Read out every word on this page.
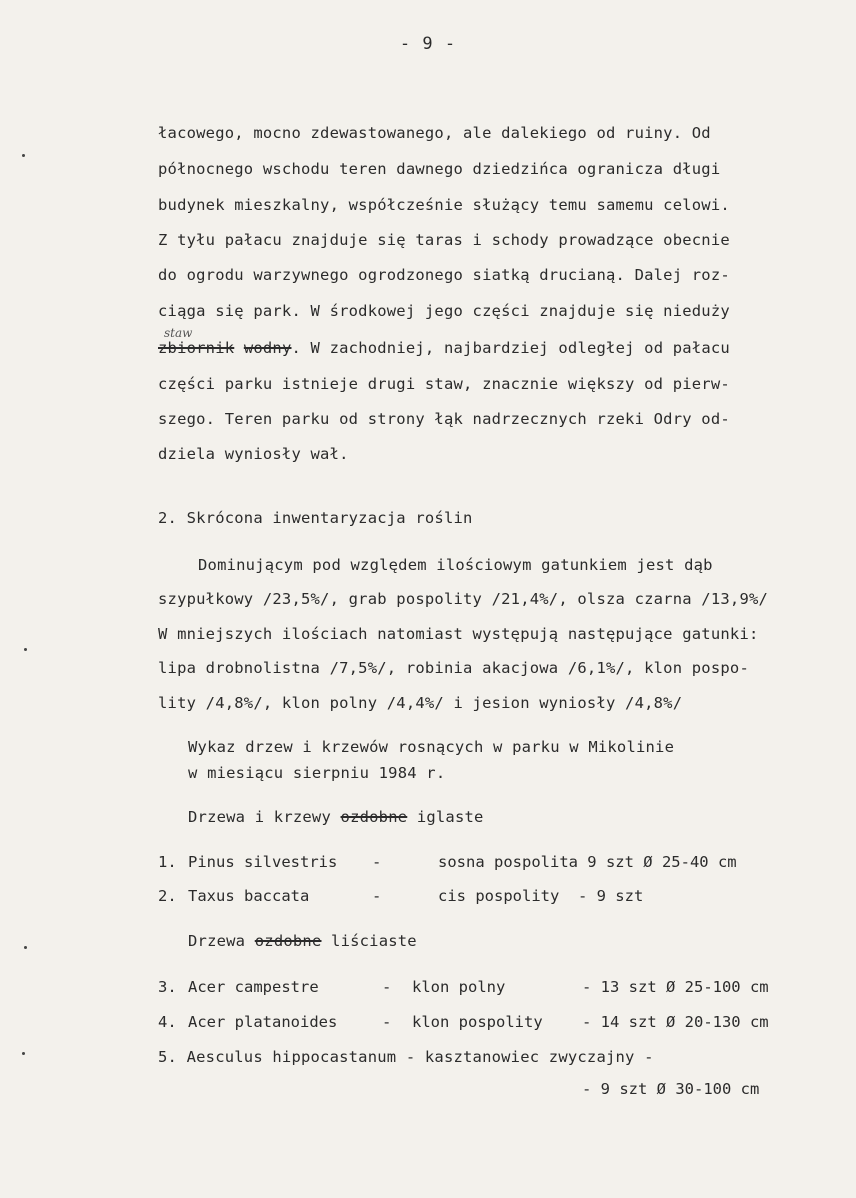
- 9 -
łacowego, mocno zdewastowanego, ale dalekiego od ruiny. Od
północnego wschodu teren dawnego dziedzińca ogranicza długi
budynek mieszkalny, współcześnie służący temu samemu celowi.
Z tyłu pałacu znajduje się taras i schody prowadzące obecnie
do ogrodu warzywnego ogrodzonego siatką drucianą. Dalej roz-
ciąga się park. W środkowej jego części znajduje się nieduży
staw
zbiornik wodny. W zachodniej, najbardziej odległej od pałacu
części parku istnieje drugi staw, znacznie większy od pierw-
szego. Teren parku od strony łąk nadrzecznych rzeki Odry od-
dziela wyniosły wał.
2. Skrócona inwentaryzacja roślin
Dominującym pod względem ilościowym gatunkiem jest dąb
szypułkowy /23,5%/, grab pospolity /21,4%/, olsza czarna /13,9%/
W mniejszych ilościach natomiast występują następujące gatunki:
lipa drobnolistna /7,5%/, robinia akacjowa /6,1%/, klon pospo-
lity /4,8%/, klon polny /4,4%/ i jesion wyniosły /4,8%/
Wykaz drzew i krzewów rosnących w parku w Mikolinie
w miesiącu sierpniu 1984 r.
Drzewa i krzewy ozdobne iglaste
1. Pinus silvestris -	sosna pospolita 9 szt Ø 25-40 cm
2. Taxus baccata	-	cis pospolity  - 9 szt
Drzewa ozdobne liściaste
3. Acer campestre	- klon polny	- 13 szt Ø 25-100 cm
4. Acer platanoides	- klon pospolity	- 14 szt Ø 20-130 cm
5. Aesculus hippocastanum - kasztanowiec zwyczajny -
- 9 szt Ø 30-100 cm
